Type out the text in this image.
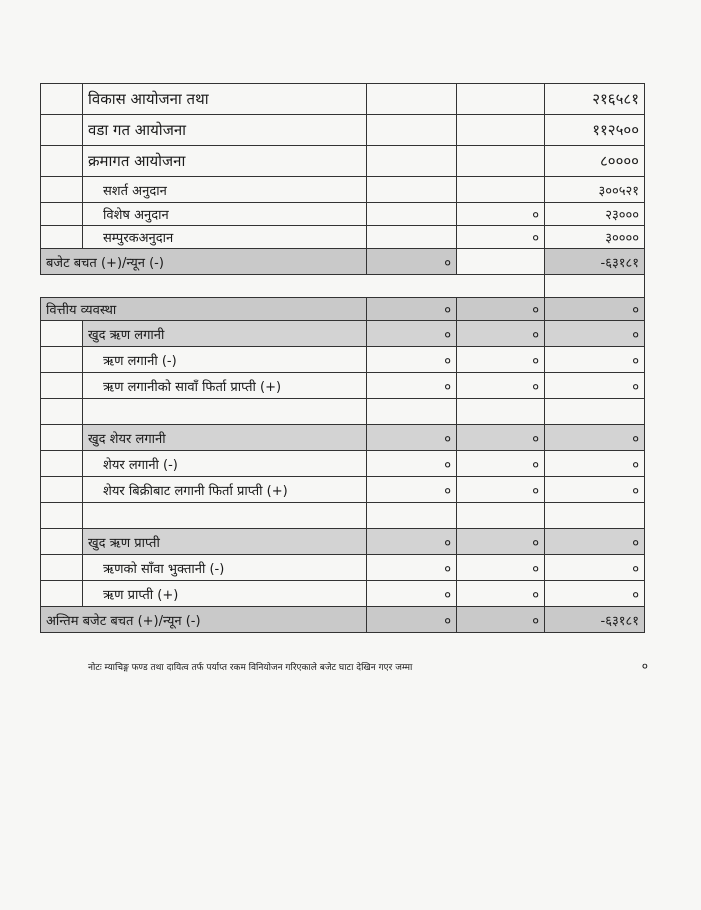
	विकास आयोजना तथा			२१६५८१
	वडा गत आयोजना			११२५००
	क्रमागत आयोजना			८००००
	सशर्त अनुदान			३००५२१
	विशेष अनुदान		०	२३०००
	सम्पुरकअनुदान		०	३००००
बजेट बचत (+)/न्यून (-)		०		-६३१८१

वित्तीय व्यवस्था		०	०	०
	खुद ऋण लगानी	०	०	०
	ऋण लगानी (-)	०	०	०
	ऋण लगानीको सावाँ फिर्ता प्राप्ती (+)	०	०	०

	खुद शेयर लगानी	०	०	०
	शेयर लगानी (-)	०	०	०
	शेयर बिक्रीबाट लगानी फिर्ता प्राप्ती (+)	०	०	०

	खुद ऋण प्राप्ती	०	०	०
	ऋणको साँवा भुक्तानी (-)	०	०	०
	ऋण प्राप्ती (+)	०	०	०
अन्तिम बजेट बचत (+)/न्यून (-)		०	०	-६३१८१
नोटः म्याचिङ्ग फण्ड तथा दायित्व तर्फ पर्याप्त रकम विनियोजन गरिएकाले बजेट घाटा देखिन गएर जम्मा	०
